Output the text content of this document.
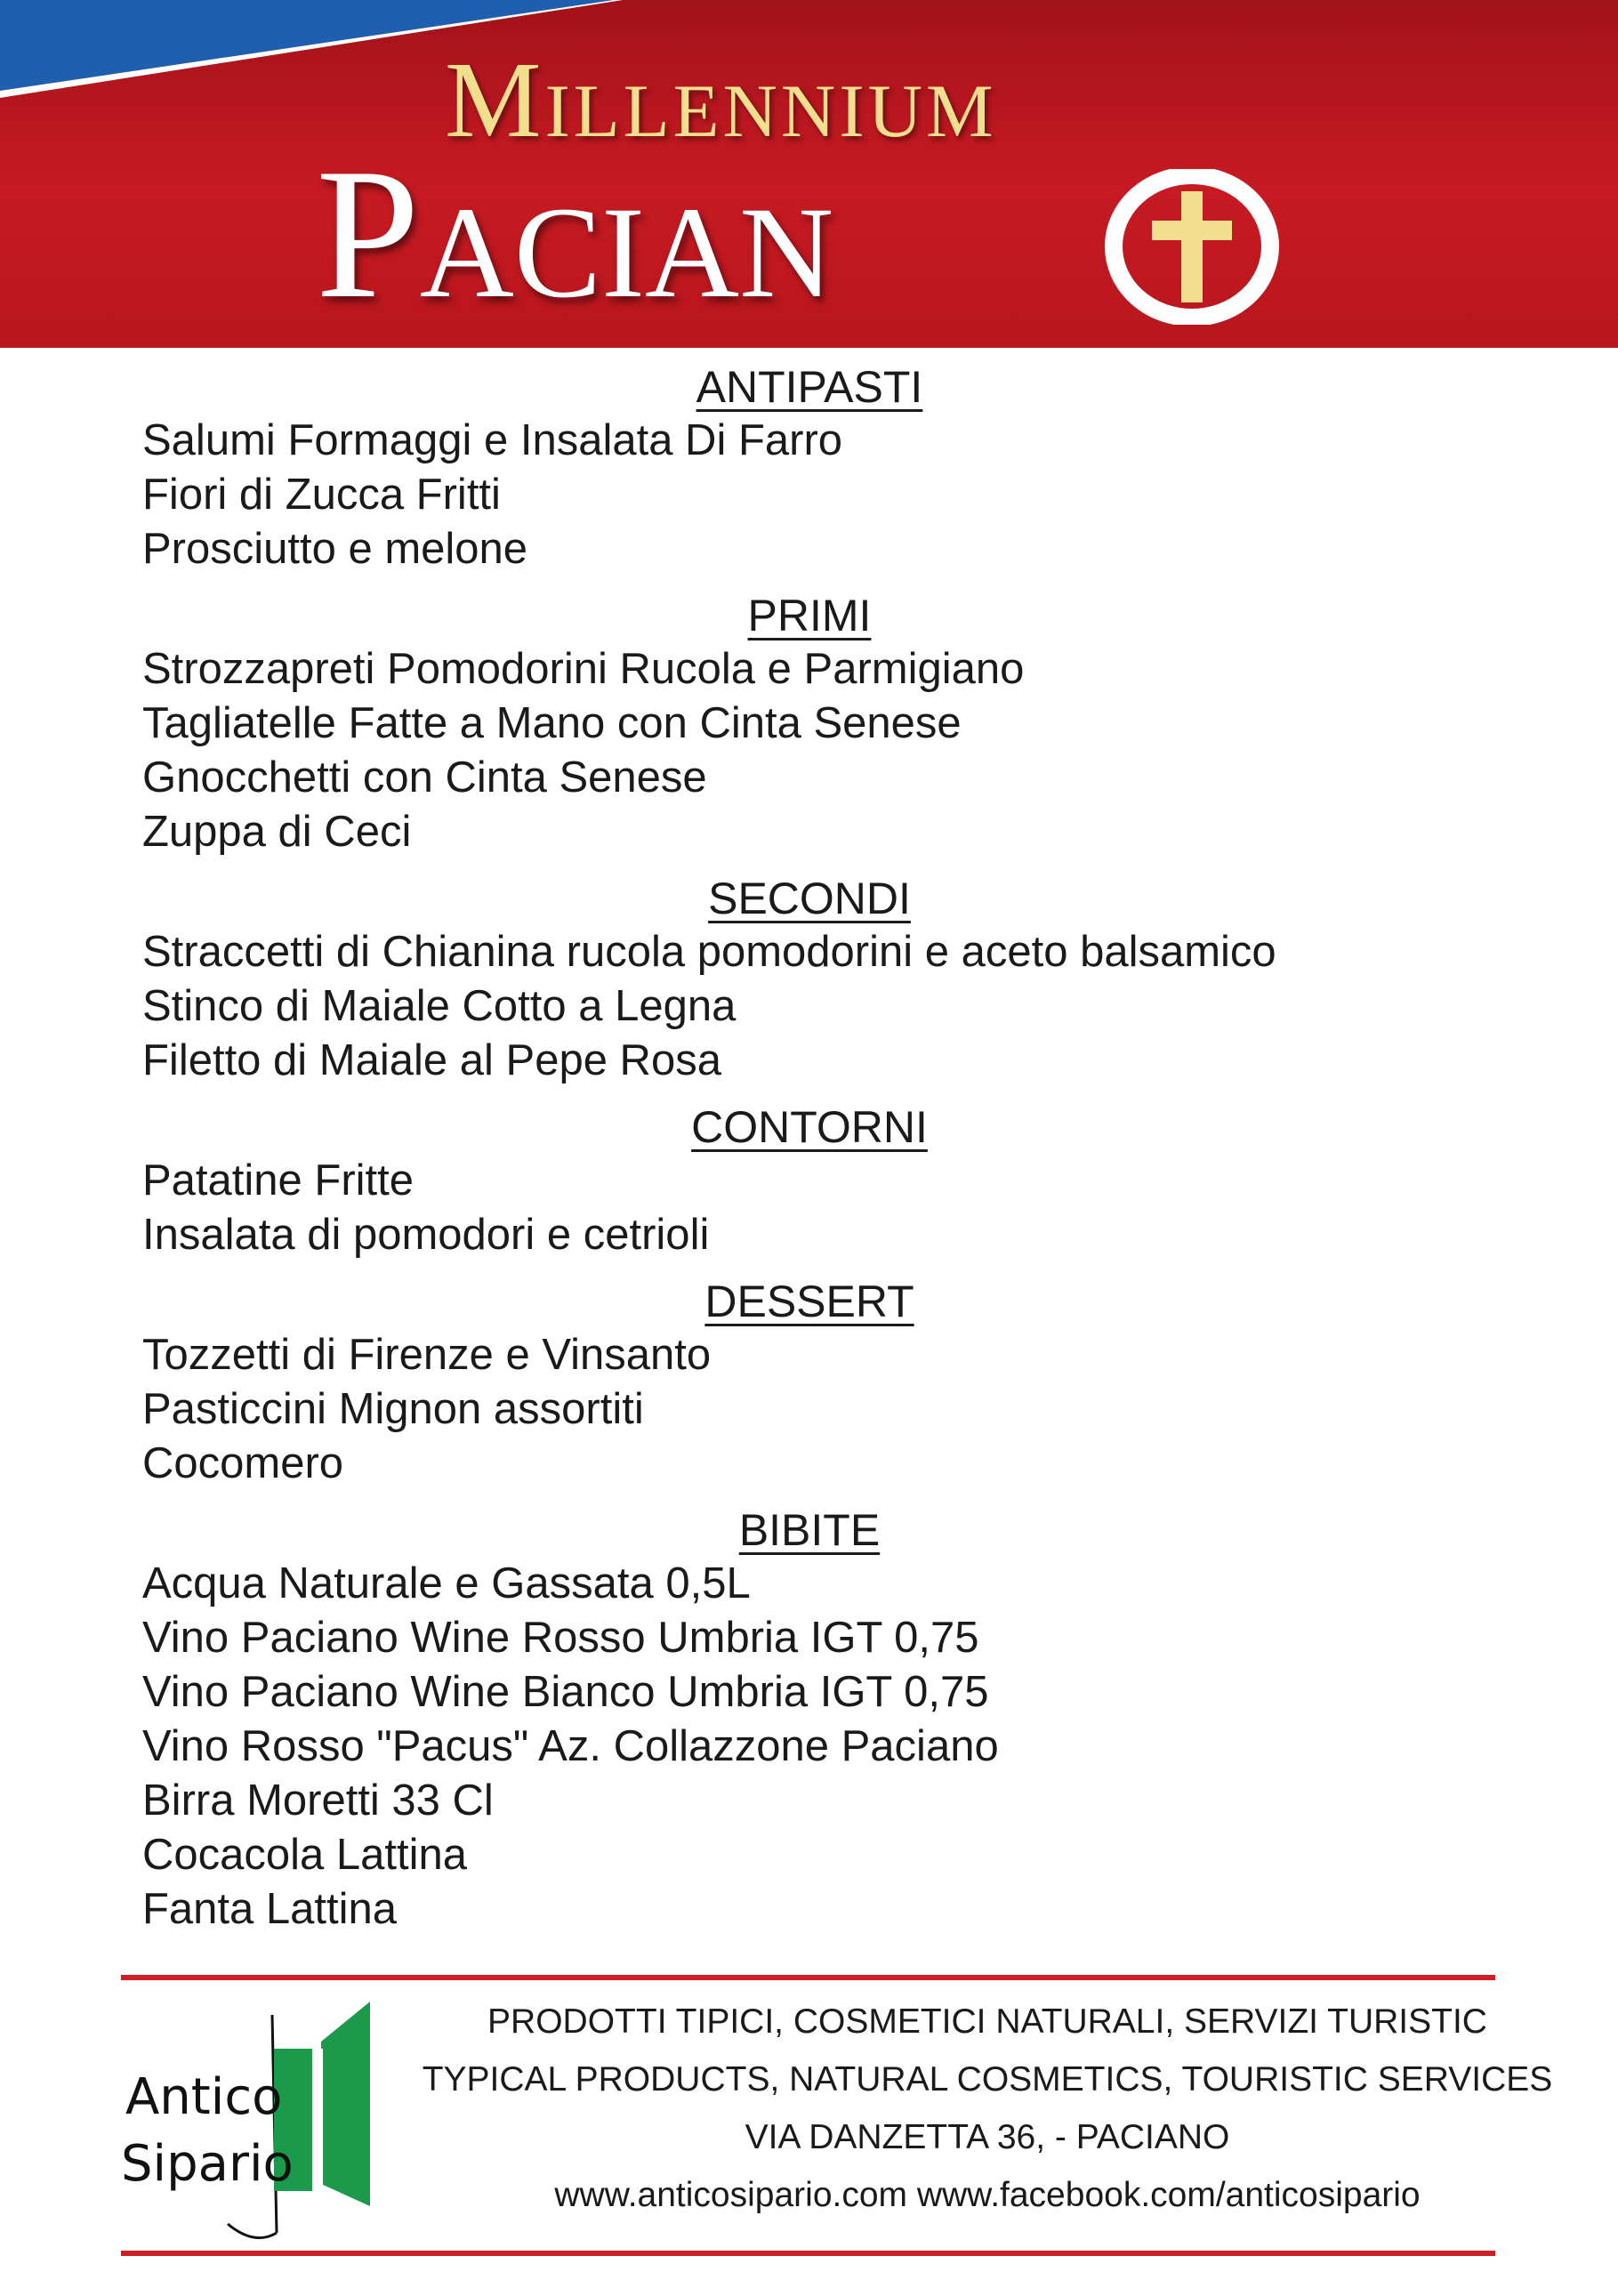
Millennium
Pacian
ANTIPASTI
Salumi Formaggi e Insalata Di Farro
Fiori di Zucca Fritti
Prosciutto e melone
PRIMI
Strozzapreti Pomodorini Rucola e Parmigiano
Tagliatelle Fatte a Mano con Cinta Senese
Gnocchetti con Cinta Senese
Zuppa di Ceci
SECONDI
Straccetti di Chianina rucola pomodorini e aceto balsamico
Stinco di Maiale Cotto a Legna
Filetto di Maiale al Pepe Rosa
CONTORNI
Patatine Fritte
Insalata di pomodori e cetrioli
DESSERT
Tozzetti di Firenze e Vinsanto
Pasticcini Mignon assortiti
Cocomero
BIBITE
Acqua Naturale e Gassata 0,5L
Vino Paciano Wine Rosso Umbria IGT 0,75
Vino Paciano Wine Bianco Umbria IGT 0,75
Vino Rosso "Pacus" Az. Collazzone Paciano
Birra Moretti 33 Cl
Cocacola Lattina
Fanta Lattina
Antico
Sipario
PRODOTTI TIPICI, COSMETICI NATURALI, SERVIZI TURISTIC
TYPICAL PRODUCTS, NATURAL COSMETICS, TOURISTIC SERVICES
VIA DANZETTA 36, - PACIANO
www.anticosipario.com www.facebook.com/anticosipario
